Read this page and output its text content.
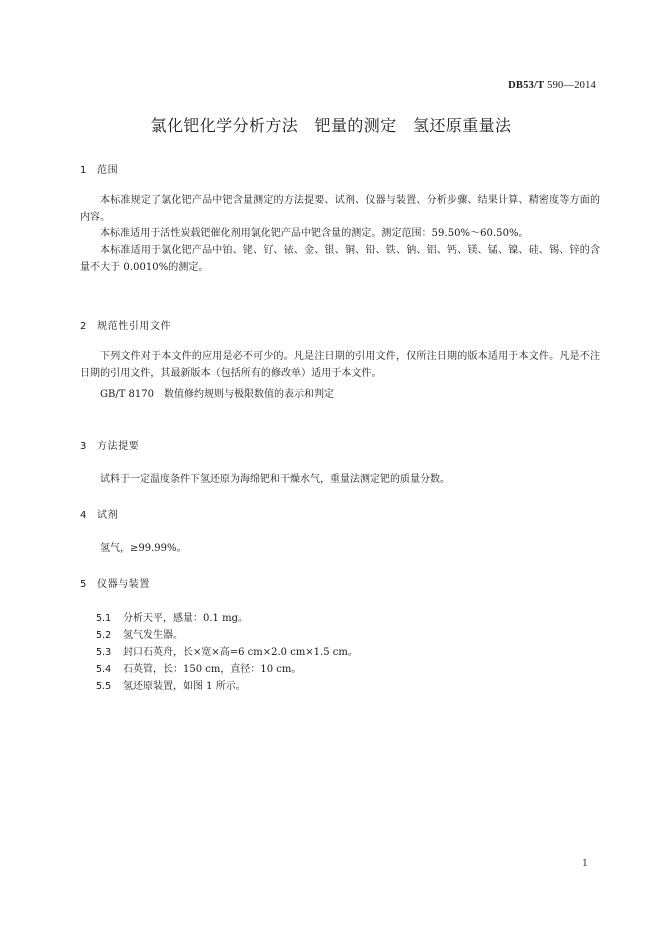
DB53/T 590—2014
氯化钯化学分析方法　钯量的测定　氢还原重量法
1 范围
本标准规定了氯化钯产品中钯含量测定的方法提要、试剂、仪器与装置、分析步骤、结果计算、精密度等方面的内容。
本标准适用于活性炭载钯催化剂用氯化钯产品中钯含量的测定。测定范围：59.50%～60.50%。
本标准适用于氯化钯产品中铂、铑、钌、铱、金、银、铜、铅、铁、钠、铝、钙、镁、锰、镍、硅、锡、锌的含量不大于 0.0010%的测定。
2 规范性引用文件
下列文件对于本文件的应用是必不可少的。凡是注日期的引用文件，仅所注日期的版本适用于本文件。凡是不注日期的引用文件，其最新版本（包括所有的修改单）适用于本文件。
GB/T 8170　数值修约规则与极限数值的表示和判定
3 方法提要
试料于一定温度条件下氢还原为海绵钯和干燥水气，重量法测定钯的质量分数。
4 试剂
氢气，≥99.99%。
5 仪器与装置
5.1 分析天平，感量：0.1 mg。
5.2 氢气发生器。
5.3 封口石英舟，长×宽×高=6 cm×2.0 cm×1.5 cm。
5.4 石英管，长：150 cm，直径：10 cm。
5.5 氢还原装置，如图 1 所示。
1
